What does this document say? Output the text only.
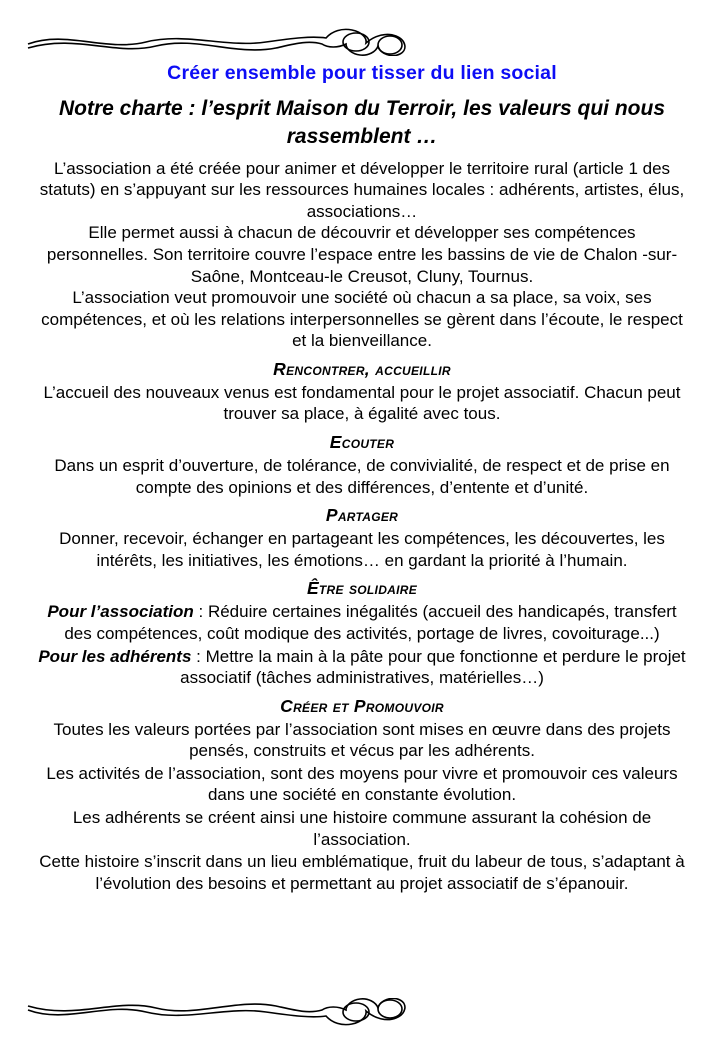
Créer ensemble pour tisser du lien social
Notre charte : l’esprit Maison du Terroir, les valeurs qui nous rassemblent …

L’association a été créée pour animer et développer le territoire rural (article 1 des statuts) en s’appuyant sur les ressources humaines locales : adhérents, artistes, élus, associations…

Elle permet aussi à chacun de découvrir et développer ses compétences personnelles. Son territoire couvre l’espace entre les bassins de vie de Chalon -sur- Saône, Montceau-le Creusot, Cluny, Tournus.

L’association veut promouvoir une société où chacun a sa place, sa voix, ses compétences, et où les relations interpersonnelles se gèrent dans l’écoute, le respect et la bienveillance.

Rencontrer, accueillir

L’accueil des nouveaux venus est fondamental pour le projet associatif. Chacun peut trouver sa place, à égalité avec tous.

Ecouter

Dans un esprit d’ouverture, de tolérance, de convivialité, de respect et de prise en compte des opinions et des différences, d’entente et d’unité.

Partager

Donner, recevoir, échanger en partageant les compétences, les découvertes, les intérêts, les initiatives, les émotions… en gardant la priorité à l’humain.

Être solidaire

Pour l’association : Réduire certaines inégalités (accueil des handicapés, transfert des compétences, coût modique des activités, portage de livres, covoiturage...)

Pour les adhérents : Mettre la main à la pâte pour que fonctionne et perdure le projet associatif (tâches administratives, matérielles…)

Créer et Promouvoir

Toutes les valeurs portées par l’association sont mises en œuvre dans des projets pensés, construits et vécus par les adhérents.

Les activités de l’association, sont des moyens pour vivre et promouvoir ces valeurs dans une société en constante évolution.

Les adhérents se créent ainsi une histoire commune assurant la cohésion de l’association.

Cette histoire s’inscrit dans un lieu emblématique, fruit du labeur de tous, s’adaptant à l’évolution des besoins et permettant au projet associatif de s’épanouir.
